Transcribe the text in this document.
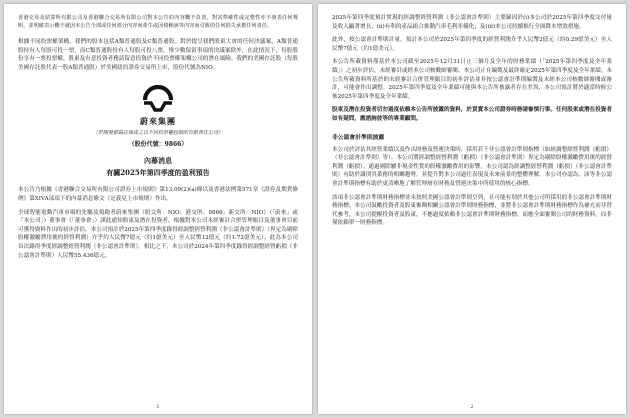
香港交易及結算所有限公司及香港聯合交易所有限公司對本公告的內容概不負責，對其準確性或完整性亦不發表任何聲明，並明確表示概不就因本公告全部或任何部分內容而產生或因倚賴該等內容而引致的任何損失承擔任何責任。

根據不同投票權架構，我們的股本包括A類普通股及C類普通股。對於提呈我們股東大會的任何決議案，A類普通股持有人每股可投一票，而C類普通股持有人每股可投八票，惟少數保留事項的決議案除外，在此情況下，每股股份享有一票投票權。股東及有意投資者務請留意投資於不同投票權架構公司的潛在風險。我們的美國存託股（每股美國存託股代表一股A類普通股）於美國紐約證券交易所上市，股份代號為NIO。

蔚來集團
（於開曼群島註冊成立以不同投票權控制的有限責任公司）
（股份代號：9866）
內幕消息
有關2025年第四季度的盈利預告

本公告乃根據《香港聯合交易所有限公司證券上市規則》第13.09(2)(a)條以及香港法例第571章《證券及期貨條例》第XIVA部項下的內幕消息條文（定義見上市規則）作出。

全球智能電動汽車市場的先驅及領跑者蔚來集團（紐交所：NIO；港交所：9866；新交所：NIO）（「蔚來」或「本公司」）董事會（「董事會」）謹此通知股東及潛在投資者，根據對本公司未經審計合併管理賬目及董事會目前可獲得資料作出的初步評估，本公司預計於2025年第四季度錄得經調整經營利潤（非公認會計準則）（界定為剔除股權激勵費用後的經營利潤）介乎約人民幣7億元（約1億美元）至人民幣12億元（約1.72億美元）。此為本公司首次錄得季度經調整經營利潤（非公認會計準則）。相比之下，本公司於2024年第四季度錄得經調整經營虧損（非公認會計準則）人民幣55.436億元。

1

2025年第四季度預計實現的經調整經營利潤（非公認會計準則）主要歸因於(i)本公司於2025年第四季度交付量及收入顯著增長；(ii)有利的產品組合推動汽車毛利率優化；及(iii)本公司持續推行全面降本增效措施。

此外，按公認會計準則計量，預計本公司於2025年第四季度的經營利潤介乎人民幣2億元（約0.29億美元）至人民幣7億元（約1億美元）。

本公告所載資料僅基於本公司截至2025年12月31日止三個月及全年的財務業績（「2025年第四季度及全年業績」）之初步評估，未經審計或經本公司核數師審閱。本公司正在編製及最終確定2025年第四季度及全年業績。本公告所載資料所基於的未經審計合併管理賬目的初步評估並非按公認會計準則編製及未經本公司核數師審閱或審計，可能會作出調整。2025年第四季度及全年業績可能與本公告所披露者存在差異，本公司預計將於適當時候公佈2025年第四季度及全年業績。

股東及潛在投資者切勿過度依賴本公告所披露的資料，於買賣本公司證券時務請審慎行事。任何股東或潛在投資者如有疑問，應諮詢彼等的專業顧問。

非公認會計準則披露

本公司於評估其經營業績以及作出財務及營運決策時，採用若干非公認會計準則指標（如經調整經營利潤（虧損）（非公認會計準則）等）。本公司將經調整經營利潤（虧損）（非公認會計準則）界定為剔除股權激勵費用後的經營利潤（虧損）。通過剔除屬非現金性質的股權激勵費用的影響，本公司認為經調整經營利潤（虧損）（非公認會計準則）有助於識別其業務的相關趨勢，並提升對本公司過往表現及未來前景的整體理解。本公司亦認為，該等非公認會計準則指標有助於更清晰地了解管理層在財務及營運決策中所使用的核心指標。

該項非公認會計準則財務指標並未按照美國公認會計準則呈列，且可能有別於其他公司所採用的非公認會計準則財務指標。本公司鼓勵投資者及股東審閱相關公認會計準則財務指標，並將非公認會計準則財務指標作為補充而非替代參考。本公司提醒投資者及股東，不應過度依賴非公認會計準則財務指標，而應全面審閱公司的財務資料，而非僅依賴單一財務指標。

2
